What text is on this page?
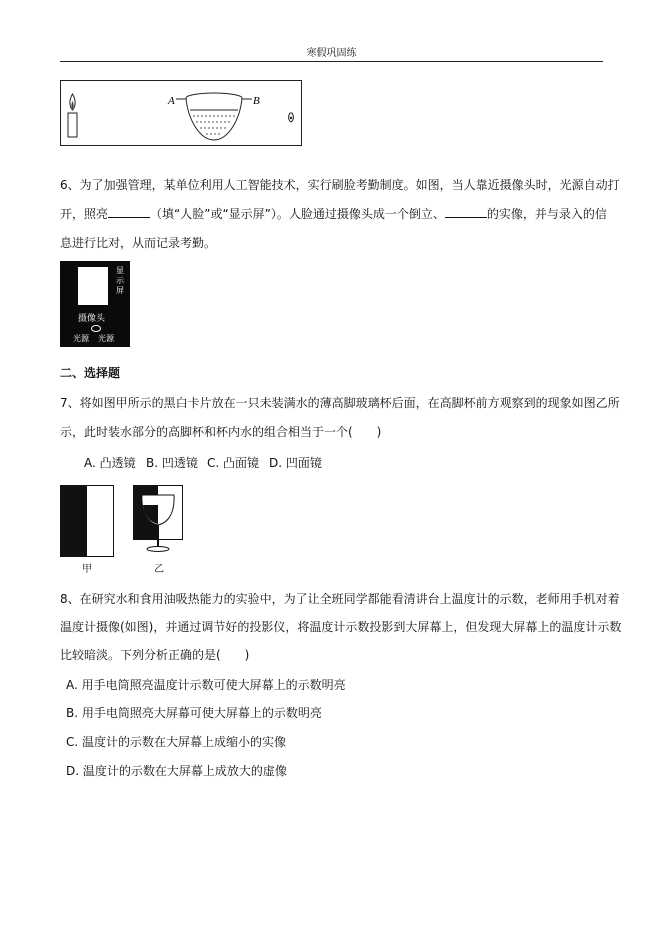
寒假巩固练
A	B
6、为了加强管理，某单位利用人工智能技术，实行刷脸考勤制度。如图，当人靠近摄像头时，光源自动打
开，照亮	（填“人脸”或“显示屏”）。人脸通过摄像头成一个倒立、	的实像，并与录入的信
息进行比对，从而记录考勤。
显示屏
摄像头
光源 光源
二、选择题
7、将如图甲所示的黑白卡片放在一只未装满水的薄高脚玻璃杯后面，在高脚杯前方观察到的现象如图乙所
示，此时装水部分的高脚杯和杯内水的组合相当于一个(　　)
A. 凸透镜 B. 凹透镜 C. 凸面镜 D. 凹面镜
甲	乙
8、在研究水和食用油吸热能力的实验中，为了让全班同学都能看清讲台上温度计的示数，老师用手机对着
温度计摄像(如图)，并通过调节好的投影仪，将温度计示数投影到大屏幕上，但发现大屏幕上的温度计示数
比较暗淡。下列分析正确的是(　　)
A. 用手电筒照亮温度计示数可使大屏幕上的示数明亮
B. 用手电筒照亮大屏幕可使大屏幕上的示数明亮
C. 温度计的示数在大屏幕上成缩小的实像
D. 温度计的示数在大屏幕上成放大的虚像
